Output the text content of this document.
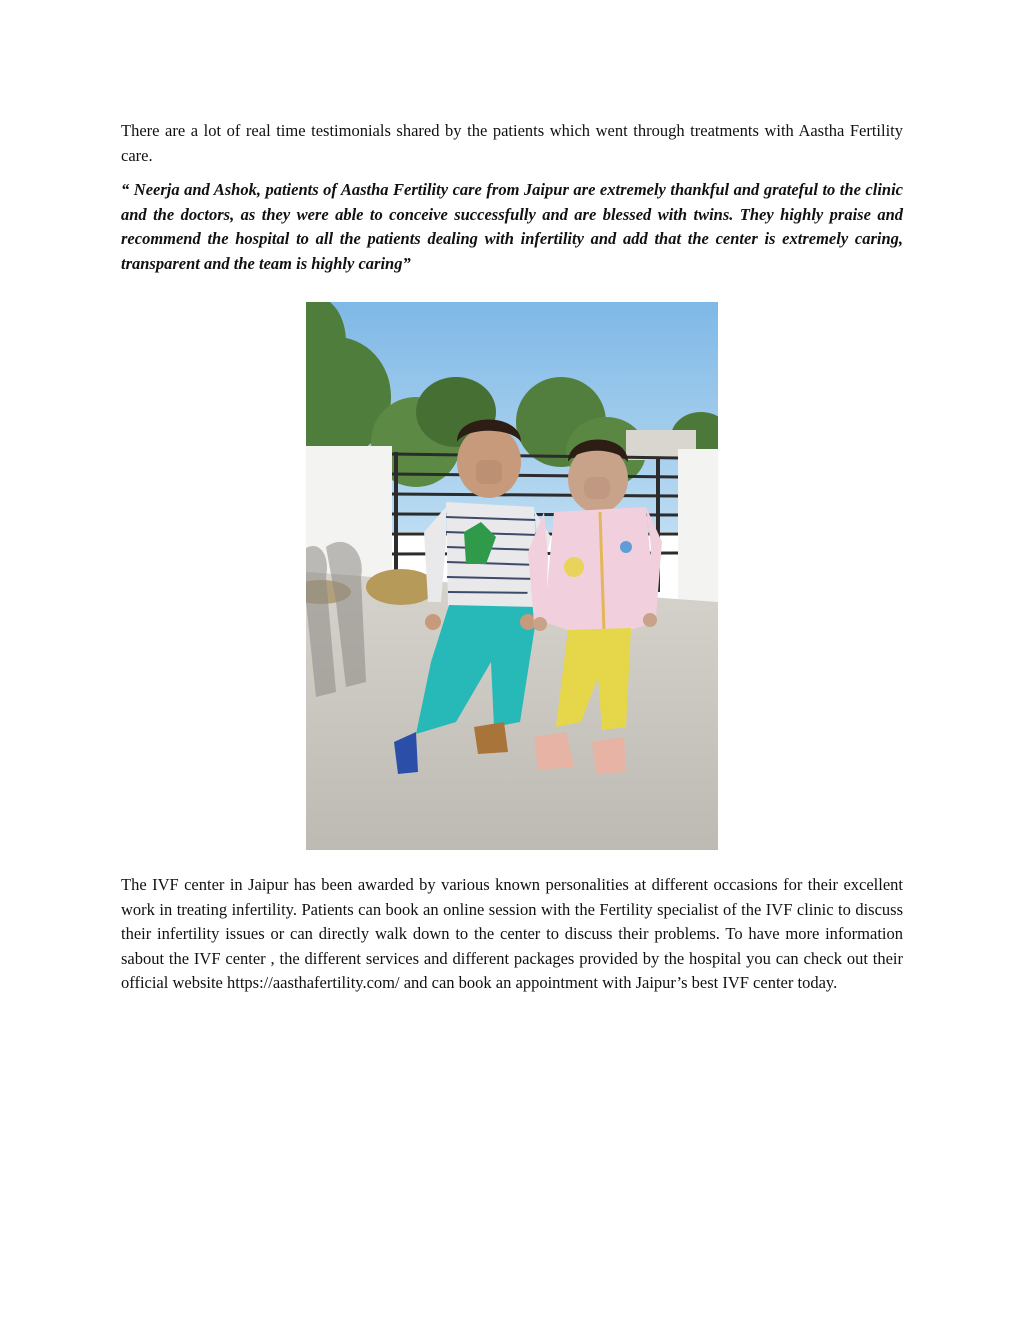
There are a lot of real time testimonials shared by the patients which went through treatments with Aastha Fertility care.

“ Neerja and Ashok, patients of Aastha Fertility care from Jaipur are extremely thankful and grateful to the clinic and the doctors, as they were able to conceive successfully and are blessed with twins. They highly praise and recommend the hospital to all the patients dealing with infertility and add that the center is extremely caring, transparent and the team is highly caring”

The IVF center in Jaipur has been awarded by various known personalities at different occasions for their excellent work in treating infertility. Patients can book an online session with the Fertility specialist of the IVF clinic to discuss their infertility issues or can directly walk down to the center to discuss their problems. To have more information sabout the IVF center , the different services and different packages provided by the hospital you can check out their official website https://aasthafertility.com/ and can book an appointment with Jaipur’s best IVF center today.
